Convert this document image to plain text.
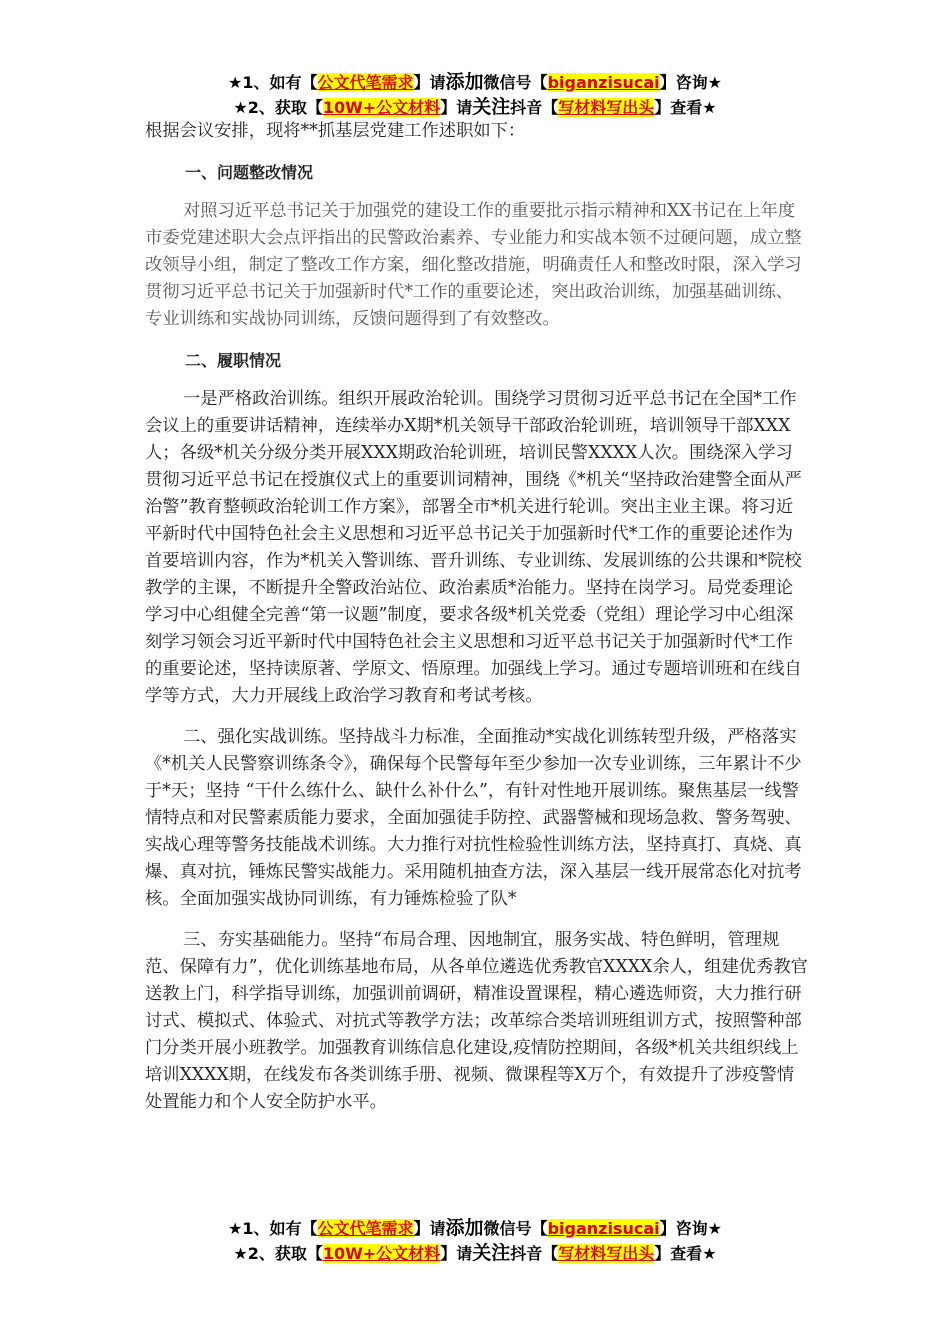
★1、如有【公文代笔需求】请添加微信号【biganzisucai】咨询★
★2、获取【10W+公文材料】请关注抖音【写材料写出头】查看★

根据会议安排，现将**抓基层党建工作述职如下：

一、问题整改情况

对照习近平总书记关于加强党的建设工作的重要批示指示精神和XX书记在上年度市委党建述职大会点评指出的民警政治素养、专业能力和实战本领不过硬问题，成立整改领导小组，制定了整改工作方案，细化整改措施，明确责任人和整改时限，深入学习贯彻习近平总书记关于加强新时代*工作的重要论述，突出政治训练，加强基础训练、专业训练和实战协同训练，反馈问题得到了有效整改。

二、履职情况

一是严格政治训练。组织开展政治轮训。围绕学习贯彻习近平总书记在全国*工作会议上的重要讲话精神，连续举办X期*机关领导干部政治轮训班，培训领导干部XXX人；各级*机关分级分类开展XXX期政治轮训班，培训民警XXXX人次。围绕深入学习贯彻习近平总书记在授旗仪式上的重要训词精神，围绕《*机关“坚持政治建警全面从严治警”教育整顿政治轮训工作方案》，部署全市*机关进行轮训。突出主业主课。将习近平新时代中国特色社会主义思想和习近平总书记关于加强新时代*工作的重要论述作为首要培训内容，作为*机关入警训练、晋升训练、专业训练、发展训练的公共课和*院校教学的主课，不断提升全警政治站位、政治素质*治能力。坚持在岗学习。局党委理论学习中心组健全完善“第一议题”制度，要求各级*机关党委（党组）理论学习中心组深刻学习领会习近平新时代中国特色社会主义思想和习近平总书记关于加强新时代*工作的重要论述，坚持读原著、学原文、悟原理。加强线上学习。通过专题培训班和在线自学等方式，大力开展线上政治学习教育和考试考核。

二、强化实战训练。坚持战斗力标准，全面推动*实战化训练转型升级，严格落实《*机关人民警察训练条令》，确保每个民警每年至少参加一次专业训练，三年累计不少于*天；坚持 “干什么练什么、缺什么补什么”，有针对性地开展训练。聚焦基层一线警情特点和对民警素质能力要求，全面加强徒手防控、武器警械和现场急救、警务驾驶、实战心理等警务技能战术训练。大力推行对抗性检验性训练方法，坚持真打、真烧、真爆、真对抗，锤炼民警实战能力。采用随机抽查方法，深入基层一线开展常态化对抗考核。全面加强实战协同训练，有力锤炼检验了队*

三、夯实基础能力。坚持“布局合理、因地制宜，服务实战、特色鲜明，管理规范、保障有力”，优化训练基地布局，从各单位遴选优秀教官XXXX余人，组建优秀教官送教上门，科学指导训练，加强训前调研，精准设置课程，精心遴选师资，大力推行研讨式、模拟式、体验式、对抗式等教学方法；改革综合类培训班组训方式，按照警种部门分类开展小班教学。加强教育训练信息化建设,疫情防控期间，各级*机关共组织线上培训XXXX期，在线发布各类训练手册、视频、微课程等X万个，有效提升了涉疫警情处置能力和个人安全防护水平。

★1、如有【公文代笔需求】请添加微信号【biganzisucai】咨询★
★2、获取【10W+公文材料】请关注抖音【写材料写出头】查看★
